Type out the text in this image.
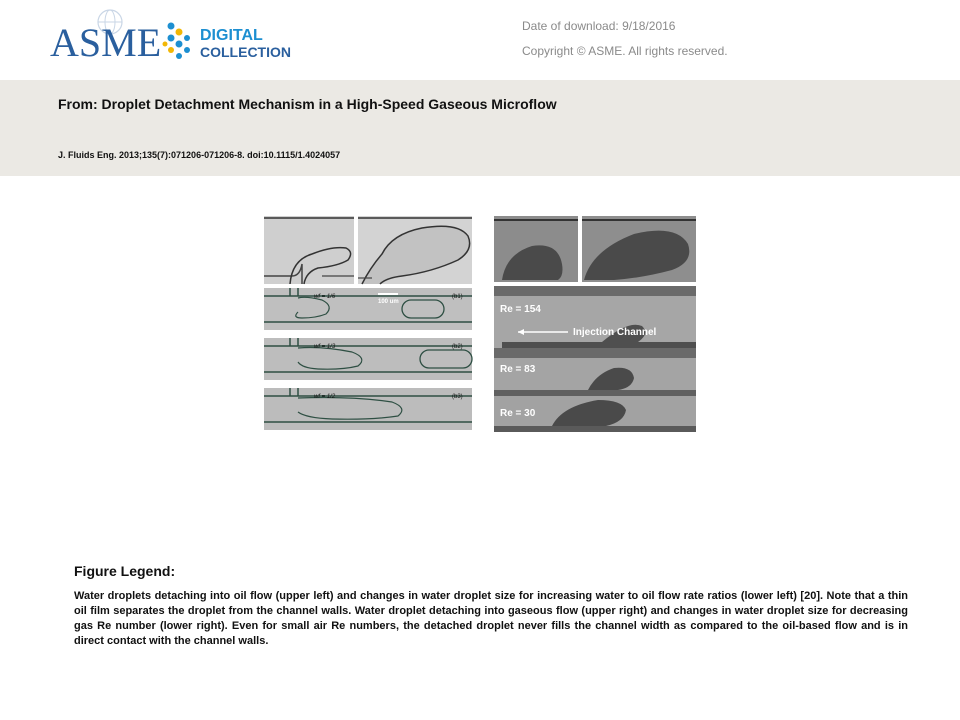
ASME DIGITAL
COLLECTION
Date of download: 9/18/2016
Copyright © ASME. All rights reserved.
From: Droplet Detachment Mechanism in a High-Speed Gaseous Microflow
J. Fluids Eng. 2013;135(7):071206-071206-8. doi:10.1115/1.4024057
wf = 1/6
100 um
(b1)
wf = 1/3	(b2)
wf = 1/2	(b3)
Re = 154
Injection Channel
Re = 83
Re = 30
Figure Legend:
Water droplets detaching into oil flow (upper left) and changes in water droplet size for increasing water to oil flow rate ratios (lower left) [20]. Note that a thin oil film separates the droplet from the channel walls. Water droplet detaching into gaseous flow (upper right) and changes in water droplet size for decreasing gas Re number (lower right). Even for small air Re numbers, the detached droplet never fills the channel width as compared to the oil-based flow and is in direct contact with the channel walls.
